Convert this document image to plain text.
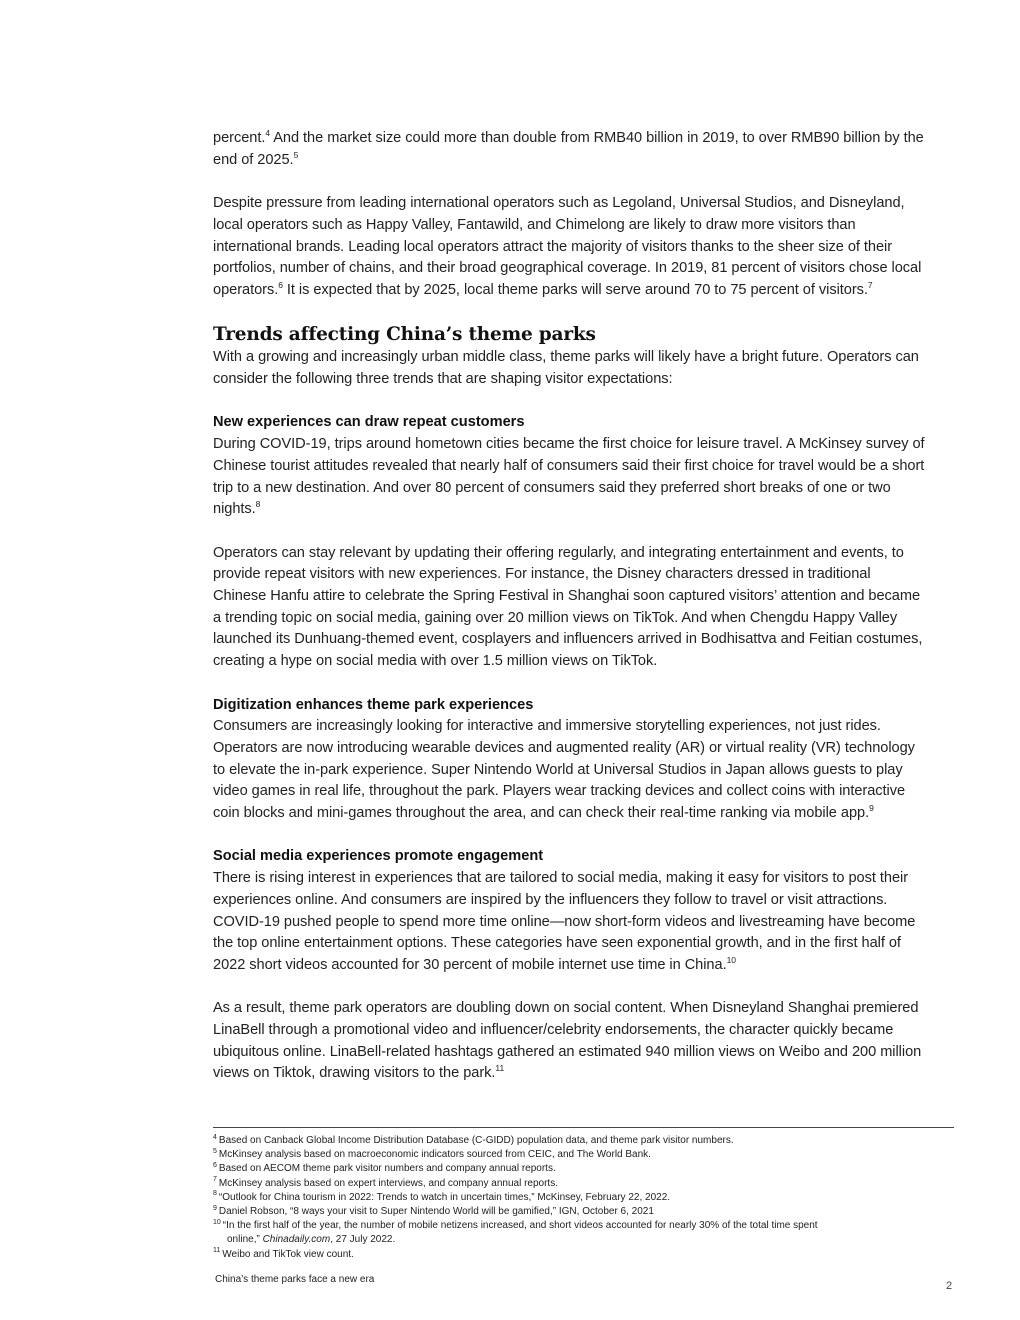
percent.$^4$ And the market size could more than double from RMB40 billion in 2019, to over RMB90 billion by the end of 2025.$^5$

Despite pressure from leading international operators such as Legoland, Universal Studios, and Disneyland, local operators such as Happy Valley, Fantawild, and Chimelong are likely to draw more visitors than international brands. Leading local operators attract the majority of visitors thanks to the sheer size of their portfolios, number of chains, and their broad geographical coverage. In 2019, 81 percent of visitors chose local operators.$^6$ It is expected that by 2025, local theme parks will serve around 70 to 75 percent of visitors.$^7$

Trends affecting China’s theme parks

With a growing and increasingly urban middle class, theme parks will likely have a bright future. Operators can consider the following three trends that are shaping visitor expectations:

New experiences can draw repeat customers

During COVID-19, trips around hometown cities became the first choice for leisure travel. A McKinsey survey of Chinese tourist attitudes revealed that nearly half of consumers said their first choice for travel would be a short trip to a new destination. And over 80 percent of consumers said they preferred short breaks of one or two nights.$^8$

Operators can stay relevant by updating their offering regularly, and integrating entertainment and events, to provide repeat visitors with new experiences. For instance, the Disney characters dressed in traditional Chinese Hanfu attire to celebrate the Spring Festival in Shanghai soon captured visitors’ attention and became a trending topic on social media, gaining over 20 million views on TikTok. And when Chengdu Happy Valley launched its Dunhuang-themed event, cosplayers and influencers arrived in Bodhisattva and Feitian costumes, creating a hype on social media with over 1.5 million views on TikTok.

Digitization enhances theme park experiences

Consumers are increasingly looking for interactive and immersive storytelling experiences, not just rides. Operators are now introducing wearable devices and augmented reality (AR) or virtual reality (VR) technology to elevate the in-park experience. Super Nintendo World at Universal Studios in Japan allows guests to play video games in real life, throughout the park. Players wear tracking devices and collect coins with interactive coin blocks and mini-games throughout the area, and can check their real-time ranking via mobile app.$^9$

Social media experiences promote engagement

There is rising interest in experiences that are tailored to social media, making it easy for visitors to post their experiences online. And consumers are inspired by the influencers they follow to travel or visit attractions. COVID-19 pushed people to spend more time online—now short-form videos and livestreaming have become the top online entertainment options. These categories have seen exponential growth, and in the first half of 2022 short videos accounted for 30 percent of mobile internet use time in China.$^{10}$

As a result, theme park operators are doubling down on social content. When Disneyland Shanghai premiered LinaBell through a promotional video and influencer/celebrity endorsements, the character quickly became ubiquitous online. LinaBell-related hashtags gathered an estimated 940 million views on Weibo and 200 million views on Tiktok, drawing visitors to the park.$^{11}$

$^4$ Based on Canback Global Income Distribution Database (C-GIDD) population data, and theme park visitor numbers.
$^5$ McKinsey analysis based on macroeconomic indicators sourced from CEIC, and The World Bank.
$^6$ Based on AECOM theme park visitor numbers and company annual reports.
$^7$ McKinsey analysis based on expert interviews, and company annual reports.
$^8$ “Outlook for China tourism in 2022: Trends to watch in uncertain times,” McKinsey, February 22, 2022.
$^9$ Daniel Robson, “8 ways your visit to Super Nintendo World will be gamified,” IGN, October 6, 2021
$^{10}$ “In the first half of the year, the number of mobile netizens increased, and short videos accounted for nearly 30% of the total time spent
online,” Chinadaily.com, 27 July 2022.
$^{11}$ Weibo and TikTok view count.
China’s theme parks face a new era
2
